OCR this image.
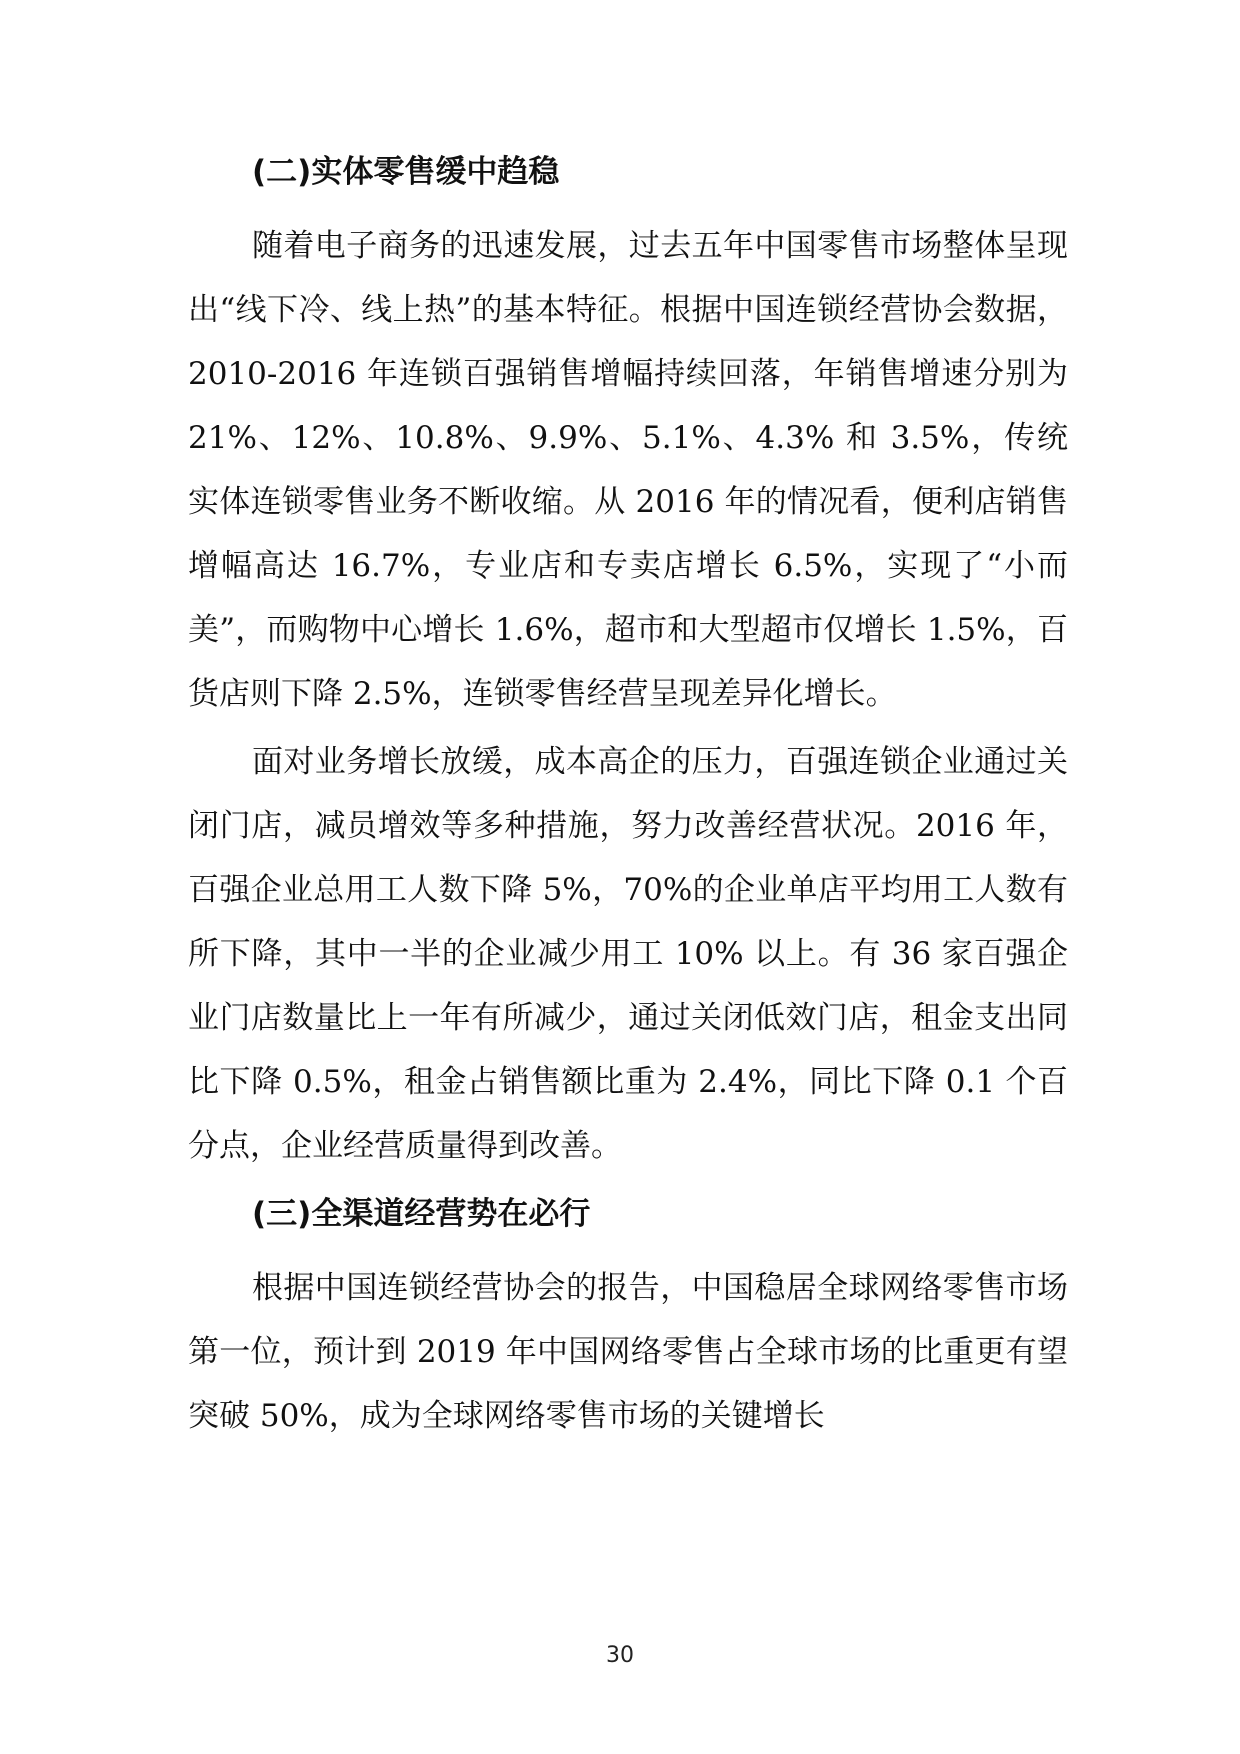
(二)实体零售缓中趋稳

随着电子商务的迅速发展，过去五年中国零售市场整体呈现出“线下冷、线上热”的基本特征。根据中国连锁经营协会数据，2010-2016 年连锁百强销售增幅持续回落，年销售增速分别为 21%、12%、10.8%、9.9%、5.1%、4.3% 和 3.5%，传统实体连锁零售业务不断收缩。从 2016 年的情况看，便利店销售增幅高达 16.7%，专业店和专卖店增长 6.5%，实现了“小而美”，而购物中心增长 1.6%，超市和大型超市仅增长 1.5%，百货店则下降 2.5%，连锁零售经营呈现差异化增长。

面对业务增长放缓，成本高企的压力，百强连锁企业通过关闭门店，减员增效等多种措施，努力改善经营状况。2016 年，百强企业总用工人数下降 5%，70%的企业单店平均用工人数有所下降，其中一半的企业减少用工 10% 以上。有 36 家百强企业门店数量比上一年有所减少，通过关闭低效门店，租金支出同比下降 0.5%，租金占销售额比重为 2.4%，同比下降 0.1 个百分点，企业经营质量得到改善。

(三)全渠道经营势在必行

根据中国连锁经营协会的报告，中国稳居全球网络零售市场第一位，预计到 2019 年中国网络零售占全球市场的比重更有望突破 50%，成为全球网络零售市场的关键增长

30
